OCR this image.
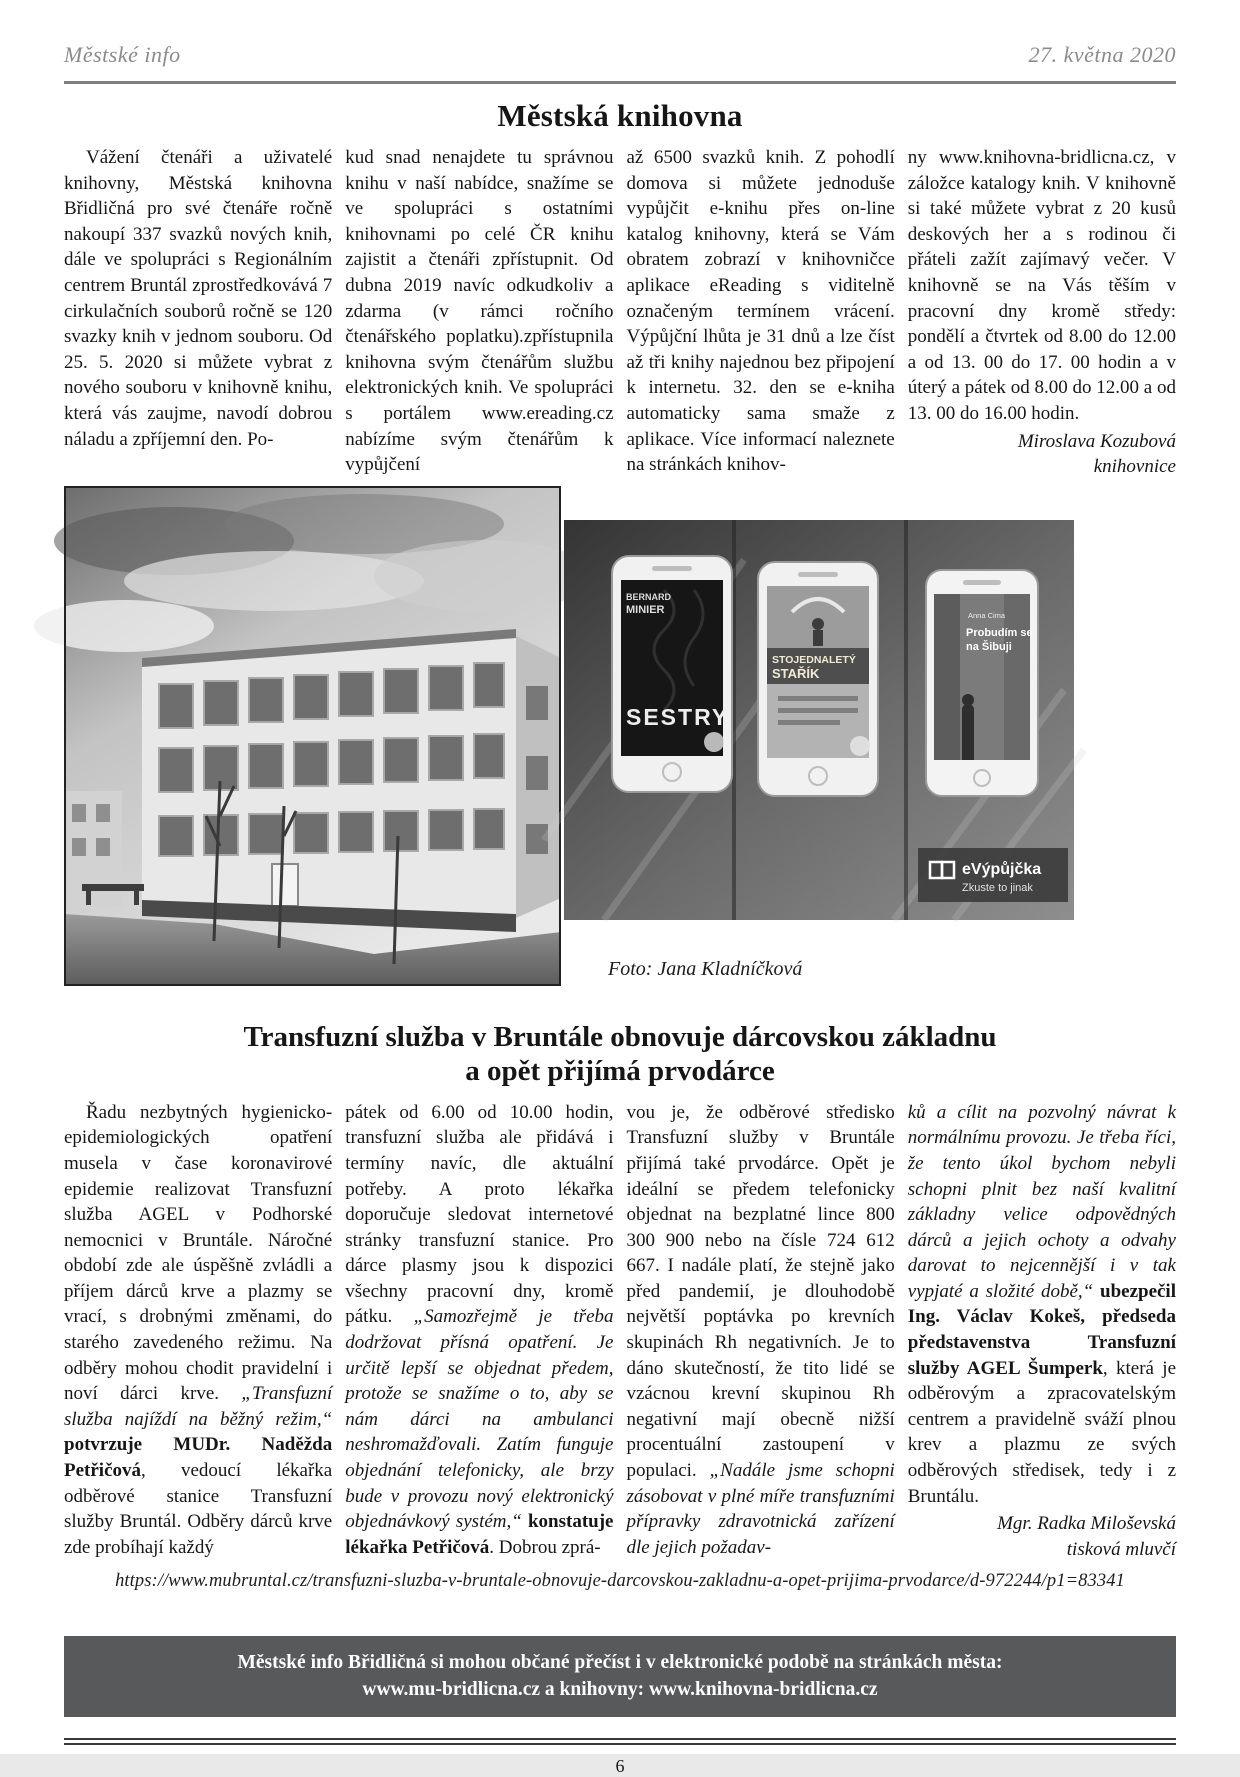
Městské info	27. května 2020
Městská knihovna

Vážení čtenáři a uživatelé knihovny, Městská knihovna Břidličná pro své čtenáře ročně nakoupí 337 svazků nových knih, dále ve spolupráci s Regionálním centrem Bruntál zprostředkovává 7 cirkulačních souborů ročně se 120 svazky knih v jednom souboru. Od 25. 5. 2020 si můžete vybrat z nového souboru v knihovně knihu, která vás zaujme, navodí dobrou náladu a zpříjemní den. Po-

kud snad nenajdete tu správnou knihu v naší nabídce, snažíme se ve spolupráci s ostatními knihovnami po celé ČR knihu zajistit a čtenáři zpřístupnit. Od dubna 2019 navíc odkudkoliv a zdarma (v rámci ročního čtenářského poplatku).zpřístupnila knihovna svým čtenářům službu elektronických knih. Ve spolupráci s portálem www.ereading.cz nabízíme svým čtenářům k vypůjčení

až 6500 svazků knih. Z pohodlí domova si můžete jednoduše vypůjčit e-knihu přes on-line katalog knihovny, která se Vám obratem zobrazí v knihovničce aplikace eReading s viditelně označeným termínem vrácení. Výpůjční lhůta je 31 dnů a lze číst až tři knihy najednou bez připojení k internetu. 32. den se e-kniha automaticky sama smaže z aplikace. Více informací naleznete na stránkách knihov-

ny www.knihovna-bridlicna.cz, v záložce katalogy knih. V knihovně si také můžete vybrat z 20 kusů deskových her a s rodinou či přáteli zažít zajímavý večer. V knihovně se na Vás těším v pracovní dny kromě středy: pondělí a čtvrtek od 8.00 do 12.00 a od 13. 00 do 17. 00 hodin a v úterý a pátek od 8.00 do 12.00 a od 13. 00 do 16.00 hodin.

Miroslava Kozubová
knihovnice
BERNARD
MINIER
SESTRY
STOJEDNALETÝ
STAŘÍK
Anna Cima
Probudím se
na Šibuji
eVýpůjčka
Zkuste to jinak
Foto: Jana Kladníčková
Transfuzní služba v Bruntále obnovuje dárcovskou základnu
a opět přijímá prvodárce

Řadu nezbytných hygienicko-epidemiologických opatření musela v čase koronavirové epidemie realizovat Transfuzní služba AGEL v Podhorské nemocnici v Bruntále. Náročné období zde ale úspěšně zvládli a příjem dárců krve a plazmy se vrací, s drobnými změnami, do starého zavedeného režimu. Na odběry mohou chodit pravidelní i noví dárci krve. „Transfuzní služba najíždí na běžný režim,“ potvrzuje MUDr. Naděžda Petřičová, vedoucí lékařka odběrové stanice Transfuzní služby Bruntál. Odběry dárců krve zde probíhají každý

pátek od 6.00 od 10.00 hodin, transfuzní služba ale přidává i termíny navíc, dle aktuální potřeby. A proto lékařka doporučuje sledovat internetové stránky transfuzní stanice. Pro dárce plasmy jsou k dispozici všechny pracovní dny, kromě pátku. „Samozřejmě je třeba dodržovat přísná opatření. Je určitě lepší se objednat předem, protože se snažíme o to, aby se nám dárci na ambulanci neshromažďovali. Zatím funguje objednání telefonicky, ale brzy bude v provozu nový elektronický objednávkový systém,“ konstatuje lékařka Petřičová. Dobrou zprá-

vou je, že odběrové středisko Transfuzní služby v Bruntále přijímá také prvodárce. Opět je ideální se předem telefonicky objednat na bezplatné lince 800 300 900 nebo na čísle 724 612 667. I nadále platí, že stejně jako před pandemií, je dlouhodobě největší poptávka po krevních skupinách Rh negativních. Je to dáno skutečností, že tito lidé se vzácnou krevní skupinou Rh negativní mají obecně nižší procentuální zastoupení v populaci. „Nadále jsme schopni zásobovat v plné míře transfuzními přípravky zdravotnická zařízení dle jejich požadav-

ků a cílit na pozvolný návrat k normálnímu provozu. Je třeba říci, že tento úkol bychom nebyli schopni plnit bez naší kvalitní základny velice odpovědných dárců a jejich ochoty a odvahy darovat to nejcennější i v tak vypjaté a složité době,“ ubezpečil Ing. Václav Kokeš, předseda představenstva Transfuzní služby AGEL Šumperk, která je odběrovým a zpracovatelským centrem a pravidelně sváží plnou krev a plazmu ze svých odběrových středisek, tedy i z Bruntálu.

Mgr. Radka Miloševská
tisková mluvčí
https://www.mubruntal.cz/transfuzni-sluzba-v-bruntale-obnovuje-darcovskou-zakladnu-a-opet-prijima-prvodarce/d-972244/p1=83341
Městské info Břidličná si mohou občané přečíst i v elektronické podobě na stránkách města:
www.mu-bridlicna.cz a knihovny: www.knihovna-bridlicna.cz
6
